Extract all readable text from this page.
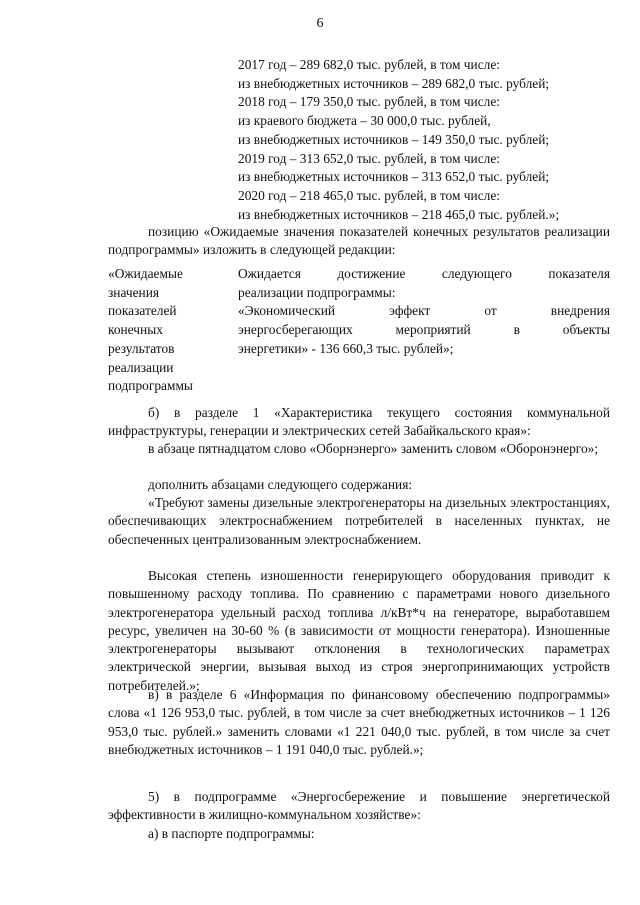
6
2017 год – 289 682,0 тыс. рублей, в том числе:
из внебюджетных источников – 289 682,0 тыс. рублей;
2018 год – 179 350,0 тыс. рублей, в том числе:
из краевого бюджета – 30 000,0 тыс. рублей,
из внебюджетных источников – 149 350,0 тыс. рублей;
2019 год – 313 652,0 тыс. рублей, в том числе:
из внебюджетных источников – 313 652,0 тыс. рублей;
2020 год – 218 465,0 тыс. рублей, в том числе:
из внебюджетных источников – 218 465,0 тыс. рублей.»;
позицию «Ожидаемые значения показателей конечных результатов реализации подпрограммы» изложить в следующей редакции:
«Ожидаемые
значения
показателей
конечных
результатов
реализации
подпрограммы
Ожидается достижение следующего показателя
реализации подпрограммы:
«Экономический эффект от внедрения
энергосберегающих мероприятий в объекты
энергетики» - 136 660,3 тыс. рублей»;
б) в разделе 1 «Характеристика текущего состояния коммунальной инфраструктуры, генерации и электрических сетей Забайкальского края»:
в абзаце пятнадцатом слово «Оборнэнерго» заменить словом «Оборонэнерго»;
дополнить абзацами следующего содержания:
«Требуют замены дизельные электрогенераторы на дизельных электростанциях, обеспечивающих электроснабжением потребителей в населенных пунктах, не обеспеченных централизованным электроснабжением.
Высокая степень изношенности генерирующего оборудования приводит к повышенному расходу топлива. По сравнению с параметрами нового дизельного электрогенератора удельный расход топлива л/кВт*ч на генераторе, выработавшем ресурс, увеличен на 30-60 % (в зависимости от мощности генератора). Изношенные электрогенераторы вызывают отклонения в технологических параметрах электрической энергии, вызывая выход из строя энергопринимающих устройств потребителей.»;
в) в разделе 6 «Информация по финансовому обеспечению подпрограммы» слова «1 126 953,0 тыс. рублей, в том числе за счет внебюджетных источников – 1 126 953,0 тыс. рублей.» заменить словами «1 221 040,0 тыс. рублей, в том числе за счет внебюджетных источников – 1 191 040,0 тыс. рублей.»;
5) в подпрограмме «Энергосбережение и повышение энергетической эффективности в жилищно-коммунальном хозяйстве»:
а) в паспорте подпрограммы:
